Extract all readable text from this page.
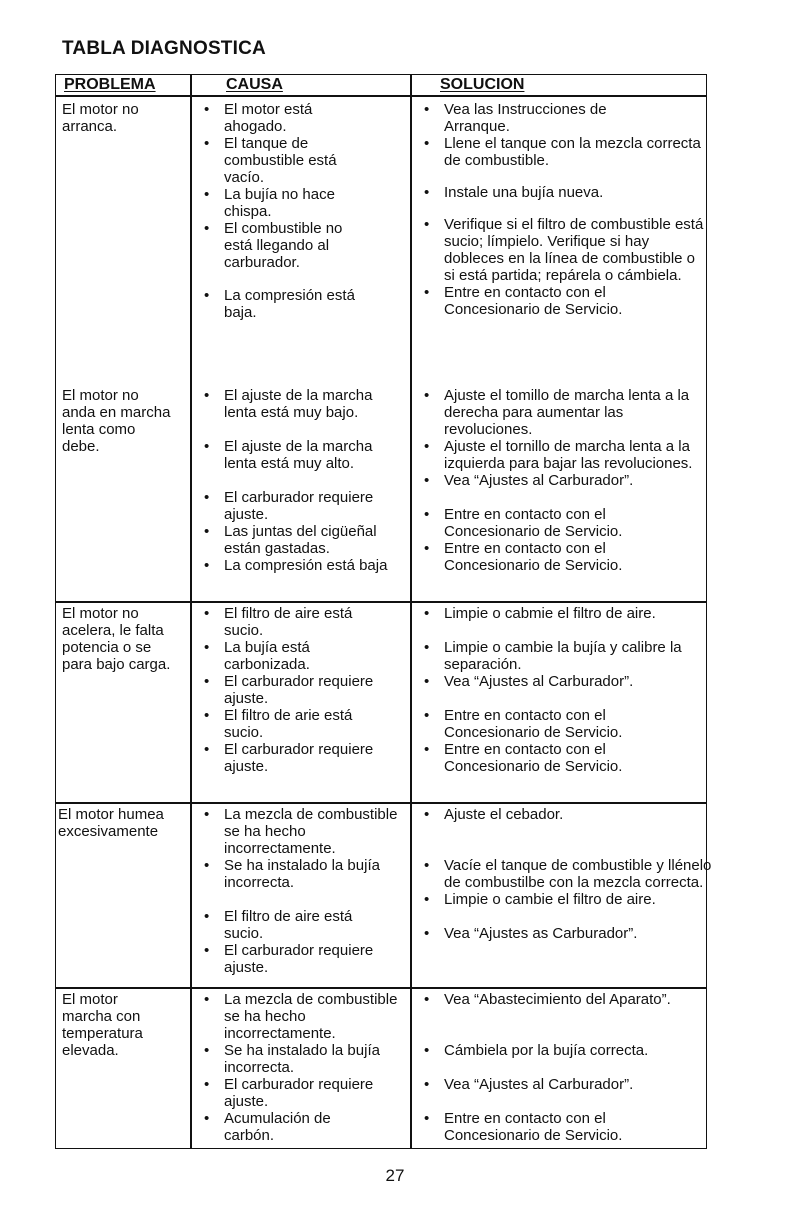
TABLA DIAGNOSTICA
PROBLEMA	CAUSA	SOLUCION
El motor no arranca.
• El motor está ahogado.
• El tanque de combustible está vacío.
• La bujía no hace chispa.
• El combustible no está llegando al carburador.
• La compresión está baja.
• Vea las Instrucciones de Arranque.
• Llene el tanque con la mezcla correcta de combustible.
• Instale una bujía nueva.
• Verifique si el filtro de combustible está sucio; límpielo. Verifique si hay dobleces en la línea de combustible o si está partida; repárela o cámbiela.
• Entre en contacto con el Concesionario de Servicio.
El motor no anda en marcha lenta como debe.
• El ajuste de la marcha lenta está muy bajo.
• El ajuste de la marcha lenta está muy alto.
• El carburador requiere ajuste.
• Las juntas del cigüeñal están gastadas.
• La compresión está baja
• Ajuste el tomillo de marcha lenta a la derecha para aumentar las revoluciones.
• Ajuste el tornillo de marcha lenta a la izquierda para bajar las revoluciones.
• Vea “Ajustes al Carburador”.
• Entre en contacto con el Concesionario de Servicio.
• Entre en contacto con el Concesionario de Servicio.
El motor no acelera, le falta potencia o se para bajo carga.
• El filtro de aire está sucio.
• La bujía está carbonizada.
• El carburador requiere ajuste.
• El filtro de arie está sucio.
• El carburador requiere ajuste.
• Limpie o cabmie el filtro de aire.
• Limpie o cambie la bujía y calibre la separación.
• Vea “Ajustes al Carburador”.
• Entre en contacto con el Concesionario de Servicio.
• Entre en contacto con el Concesionario de Servicio.
El motor humea excesivamente
• La mezcla de combustible se ha hecho incorrectamente.
• Se ha instalado la bujía incorrecta.
• El filtro de aire está sucio.
• El carburador requiere ajuste.
• Ajuste el cebador.
• Vacíe el tanque de combustible y llénelo de combustilbe con la mezcla correcta.
• Limpie o cambie el filtro de aire.
• Vea “Ajustes as Carburador”.
El motor marcha con temperatura elevada.
• La mezcla de combustible se ha hecho incorrectamente.
• Se ha instalado la bujía incorrecta.
• El carburador requiere ajuste.
• Acumulación de carbón.
• Vea “Abastecimiento del Aparato”.
• Cámbiela por la bujía correcta.
• Vea “Ajustes al Carburador”.
• Entre en contacto con el Concesionario de Servicio.
27
